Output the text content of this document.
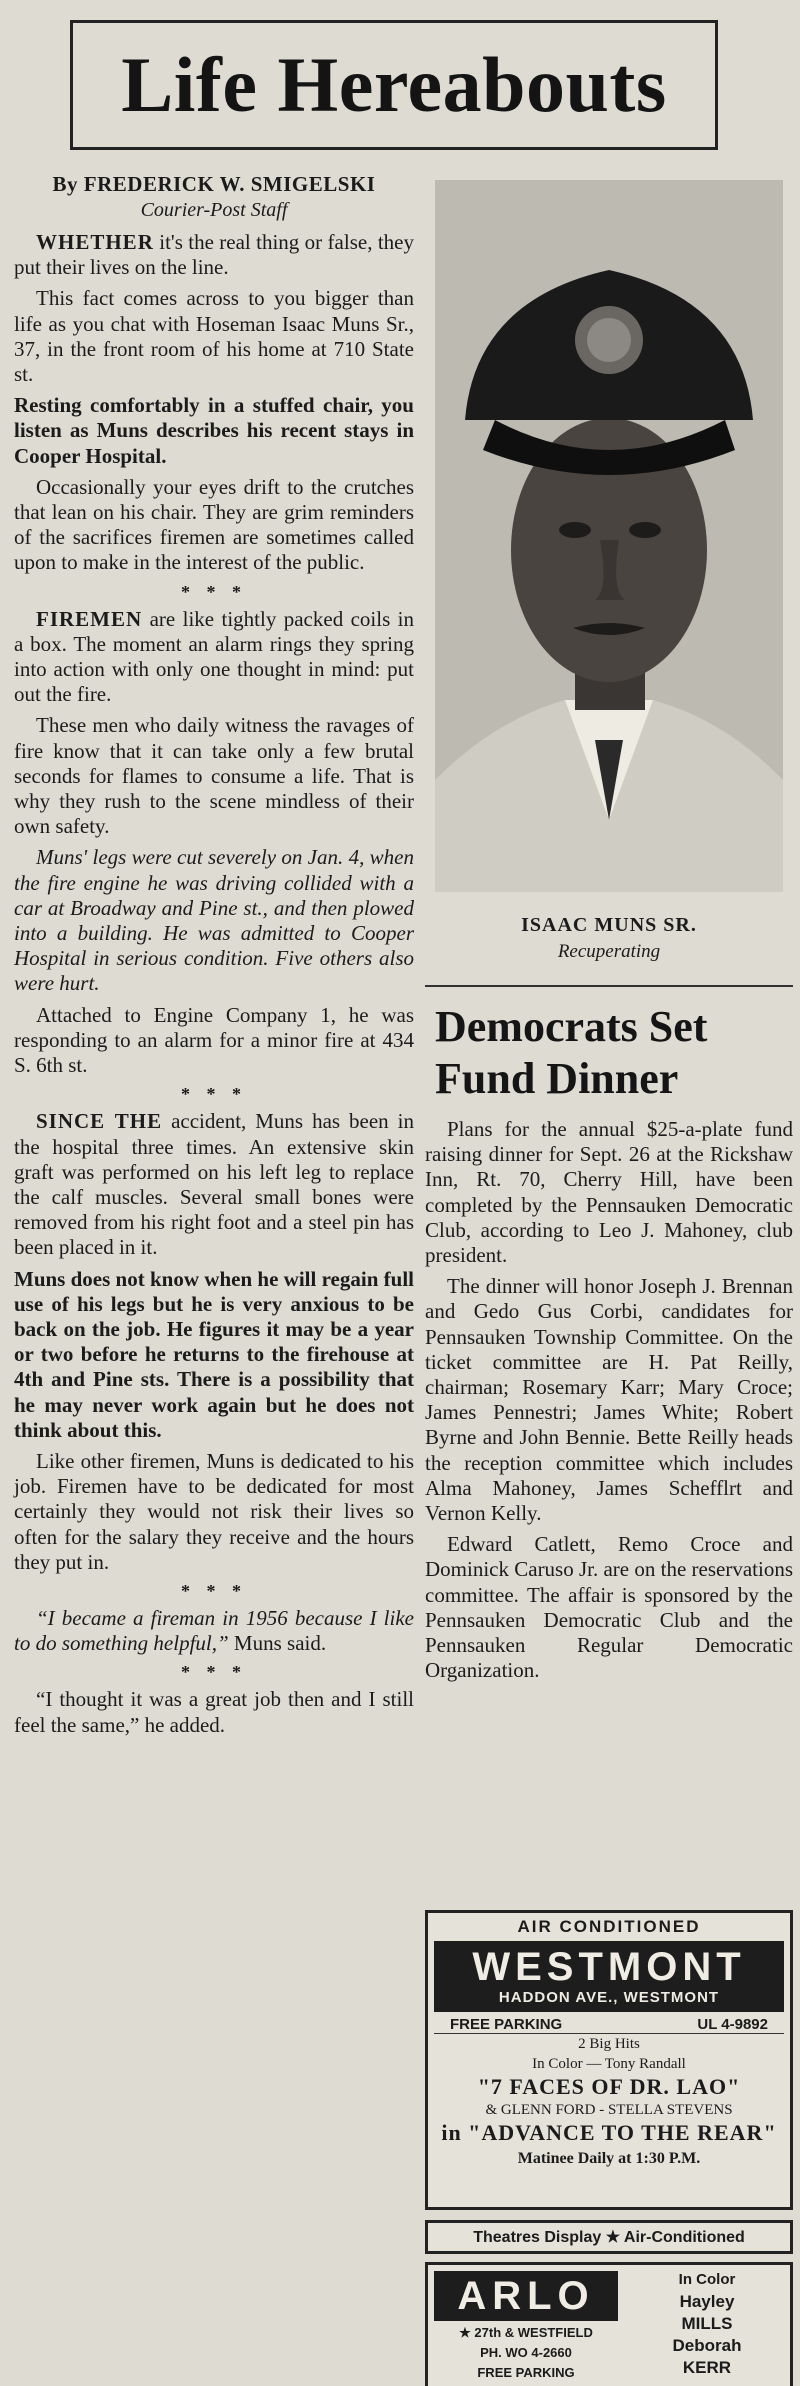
Life Hereabouts
By FREDERICK W. SMIGELSKI
Courier-Post Staff

WHETHER it's the real thing or false, they put their lives on the line.

This fact comes across to you bigger than life as you chat with Hoseman Isaac Muns Sr., 37, in the front room of his home at 710 State st.

Resting comfortably in a stuffed chair, you listen as Muns describes his recent stays in Cooper Hospital.

Occasionally your eyes drift to the crutches that lean on his chair. They are grim reminders of the sacrifices firemen are sometimes called upon to make in the interest of the public.

* * *

FIREMEN are like tightly packed coils in a box. The moment an alarm rings they spring into action with only one thought in mind: put out the fire.

These men who daily witness the ravages of fire know that it can take only a few brutal seconds for flames to consume a life. That is why they rush to the scene mindless of their own safety.

Muns' legs were cut severely on Jan. 4, when the fire engine he was driving collided with a car at Broadway and Pine st., and then plowed into a building. He was admitted to Cooper Hospital in serious condition. Five others also were hurt.

Attached to Engine Company 1, he was responding to an alarm for a minor fire at 434 S. 6th st.

* * *

SINCE THE accident, Muns has been in the hospital three times. An extensive skin graft was performed on his left leg to replace the calf muscles. Several small bones were removed from his right foot and a steel pin has been placed in it.

Muns does not know when he will regain full use of his legs but he is very anxious to be back on the job. He figures it may be a year or two before he returns to the firehouse at 4th and Pine sts. There is a possibility that he may never work again but he does not think about this.

Like other firemen, Muns is dedicated to his job. Firemen have to be dedicated for most certainly they would not risk their lives so often for the salary they receive and the hours they put in.

* * *

“I became a fireman in 1956 because I like to do something helpful,” Muns said.

* * *

“I thought it was a great job then and I still feel the same,” he added.

ISAAC MUNS SR.
Recuperating
Democrats Set
Fund Dinner

Plans for the annual $25-a-plate fund raising dinner for Sept. 26 at the Rickshaw Inn, Rt. 70, Cherry Hill, have been completed by the Pennsauken Democratic Club, according to Leo J. Mahoney, club president.

The dinner will honor Joseph J. Brennan and Gedo Gus Corbi, candidates for Pennsauken Township Committee. On the ticket committee are H. Pat Reilly, chairman; Rosemary Karr; Mary Croce; James Pennestri; James White; Robert Byrne and John Bennie. Bette Reilly heads the reception committee which includes Alma Mahoney, James Schefflrt and Vernon Kelly.

Edward Catlett, Remo Croce and Dominick Caruso Jr. are on the reservations committee. The affair is sponsored by the Pennsauken Democratic Club and the Pennsauken Regular Democratic Organization.

AIR CONDITIONED
WESTMONT
HADDON AVE., WESTMONT
FREE PARKING	UL 4-9892
2 Big Hits
In Color — Tony Randall
"7 FACES OF DR. LAO"
& GLENN FORD - STELLA STEVENS
in "ADVANCE TO THE REAR"
Matinee Daily at 1:30 P.M.
Theatres Display ★ Air-Conditioned
ARLO
★ 27th & WESTFIELD
PH. WO 4-2660
FREE PARKING
In Color
Hayley
MILLS
Deborah
KERR
